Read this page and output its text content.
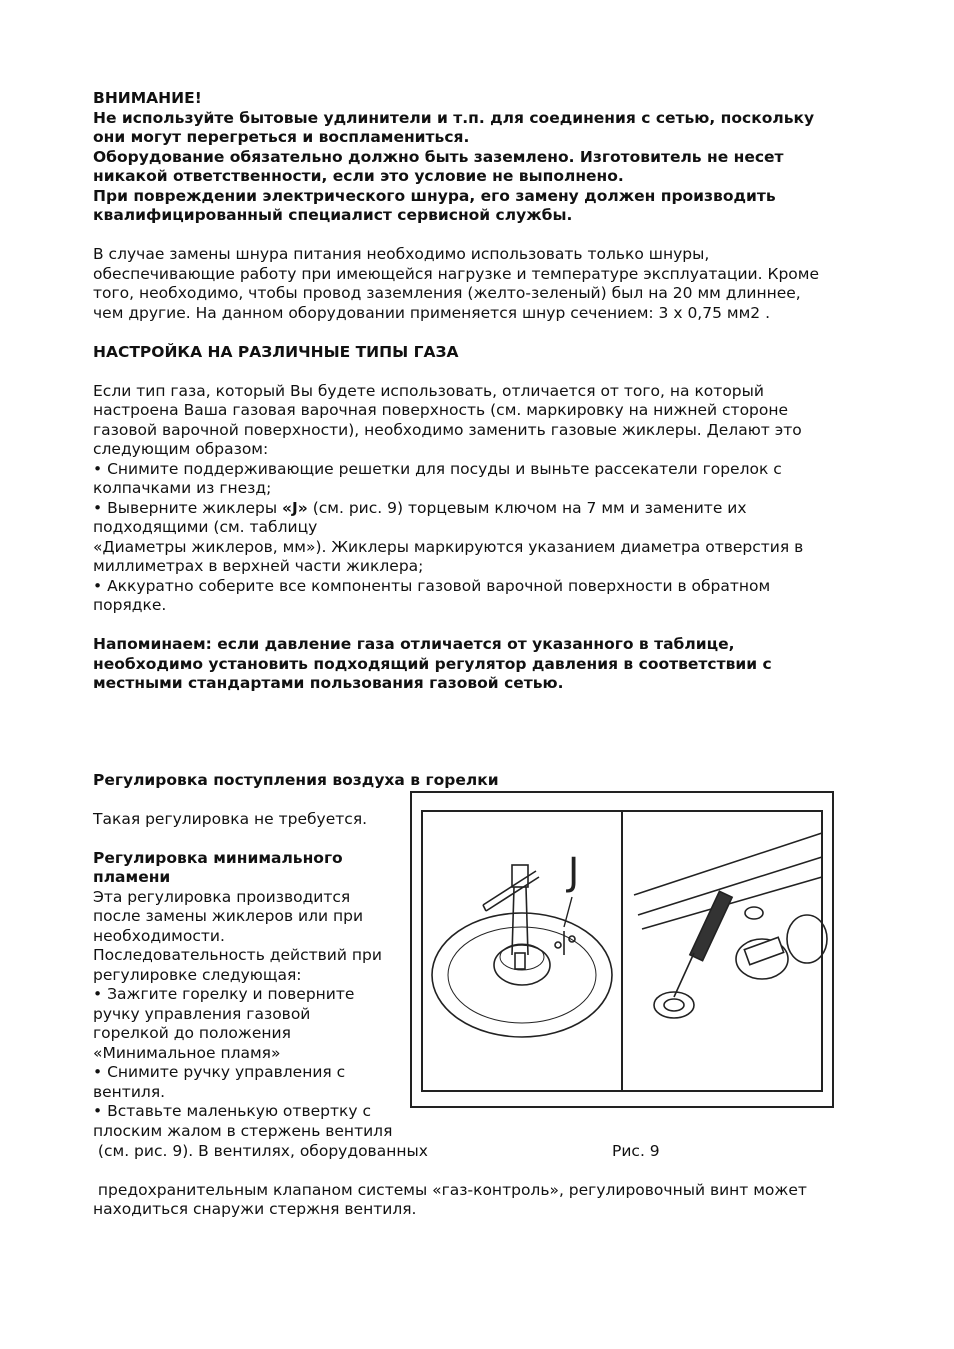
ВНИМАНИЕ!

Не используйте бытовые удлинители и т.п. для соединения с сетью, поскольку

они могут перегреться и воспламениться.

Оборудование обязательно должно быть заземлено. Изготовитель не несет

никакой ответственности, если это условие не выполнено.

При повреждении электрического шнура, его замену должен производить

квалифицированный специалист сервисной службы.

В случае замены шнура питания необходимо использовать только шнуры,

обеспечивающие работу при имеющейся нагрузке и температуре эксплуатации. Кроме

того, необходимо, чтобы провод заземления (желто-зеленый) был на 20 мм длиннее,

чем другие. На данном оборудовании применяется шнур сечением: 3 x 0,75 мм2 .

НАСТРОЙКА НА РАЗЛИЧНЫЕ ТИПЫ ГАЗА

Если тип газа, который Вы будете использовать, отличается от того, на который

настроена Ваша газовая варочная поверхность (см. маркировку на нижней стороне

газовой варочной поверхности), необходимо заменить газовые жиклеры. Делают это

следующим образом:

• Снимите поддерживающие решетки для посуды и выньте рассекатели горелок с

колпачками из гнезд;

• Выверните жиклеры «J» (см. рис. 9) торцевым ключом на 7 мм и замените их

подходящими (см. таблицу

«Диаметры жиклеров, мм»). Жиклеры маркируются указанием диаметра отверстия в

миллиметрах в верхней части жиклера;

• Аккуратно соберите все компоненты газовой варочной поверхности в обратном

порядке.

Напоминаем: если давление газа отличается от указанного в таблице,

необходимо установить подходящий регулятор давления в соответствии с

местными стандартами пользования газовой сетью.

Регулировка поступления воздуха в горелки

Такая регулировка не требуется.

Регулировка минимального

пламени

Эта регулировка производится

после замены жиклеров или при

необходимости.

Последовательность действий при

регулировке следующая:

• Зажгите горелку и поверните

ручку управления газовой

горелкой до положения

«Минимальное пламя»

• Снимите ручку управления с

вентиля.

• Вставьте маленькую отвертку с

плоским жалом в стержень вентиля

(см. рис. 9). В вентилях, оборудованных

предохранительным клапаном системы «газ-контроль», регулировочный винт может

находиться снаружи стержня вентиля.

J
Рис. 9
